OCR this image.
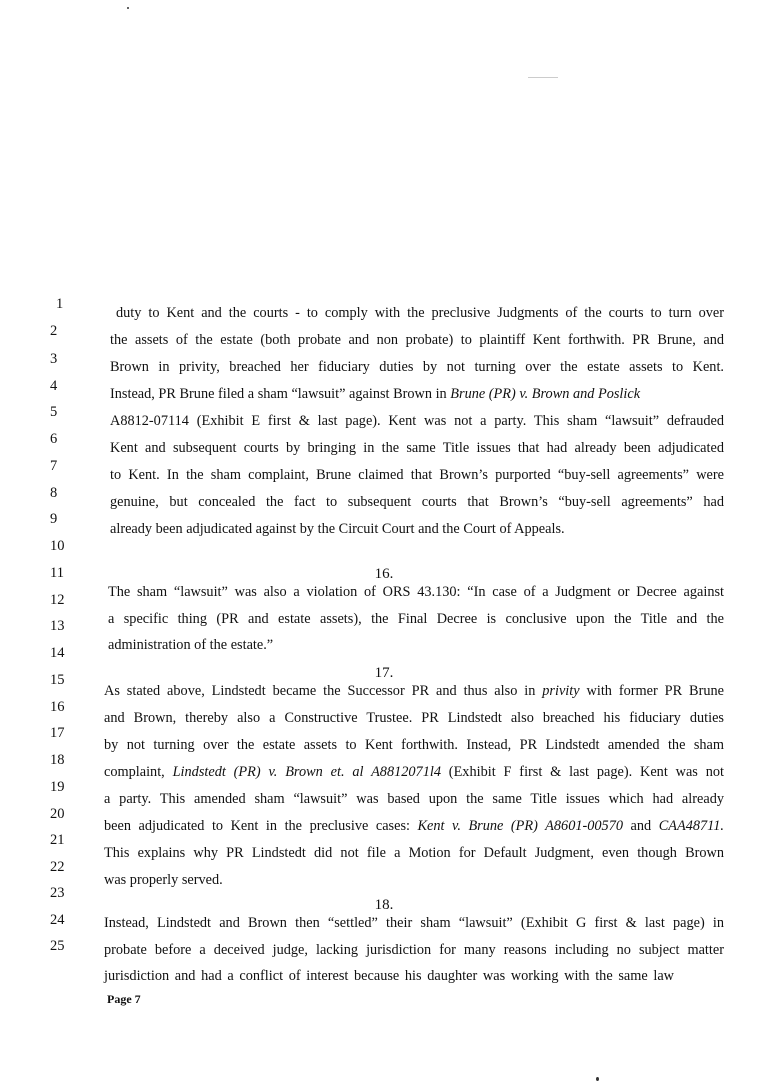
1
2
3
4
5
6
7
8
9
10
11
12
13
14
15
16
17
18
19
20
21
22
23
24
25
duty to Kent and the courts - to comply with the preclusive Judgments of the courts to turn over
the assets of the estate (both probate and non probate) to plaintiff Kent forthwith. PR Brune, and
Brown in privity, breached her fiduciary duties by not turning over the estate assets to Kent.
Instead, PR Brune filed a sham “lawsuit” against Brown in Brune (PR) v. Brown and Poslick
A8812-07114 (Exhibit E first & last page). Kent was not a party. This sham “lawsuit” defrauded
Kent and subsequent courts by bringing in the same Title issues that had already been adjudicated
to Kent. In the sham complaint, Brune claimed that Brown’s purported “buy-sell agreements” were
genuine, but concealed the fact to subsequent courts that Brown’s “buy-sell agreements” had
already been adjudicated against by the Circuit Court and the Court of Appeals.
16.
The sham “lawsuit” was also a violation of ORS 43.130: “In case of a Judgment or Decree against
a specific thing (PR and estate assets), the Final Decree is conclusive upon the Title and the
administration of the estate.”
17.
As stated above, Lindstedt became the Successor PR and thus also in privity with former PR Brune
and Brown, thereby also a Constructive Trustee. PR Lindstedt also breached his fiduciary duties
by not turning over the estate assets to Kent forthwith. Instead, PR Lindstedt amended the sham
complaint, Lindstedt (PR) v. Brown et. al A8812071l4 (Exhibit F first & last page). Kent was not
a party. This amended sham “lawsuit” was based upon the same Title issues which had already
been adjudicated to Kent in the preclusive cases: Kent v. Brune (PR) A8601-00570 and CAA48711.
This explains why PR Lindstedt did not file a Motion for Default Judgment, even though Brown
was properly served.
18.
Instead, Lindstedt and Brown then “settled” their sham “lawsuit” (Exhibit G first & last page) in
probate before a deceived judge, lacking jurisdiction for many reasons including no subject matter
jurisdiction and had a conflict of interest because his daughter was working with the same law
Page 7
